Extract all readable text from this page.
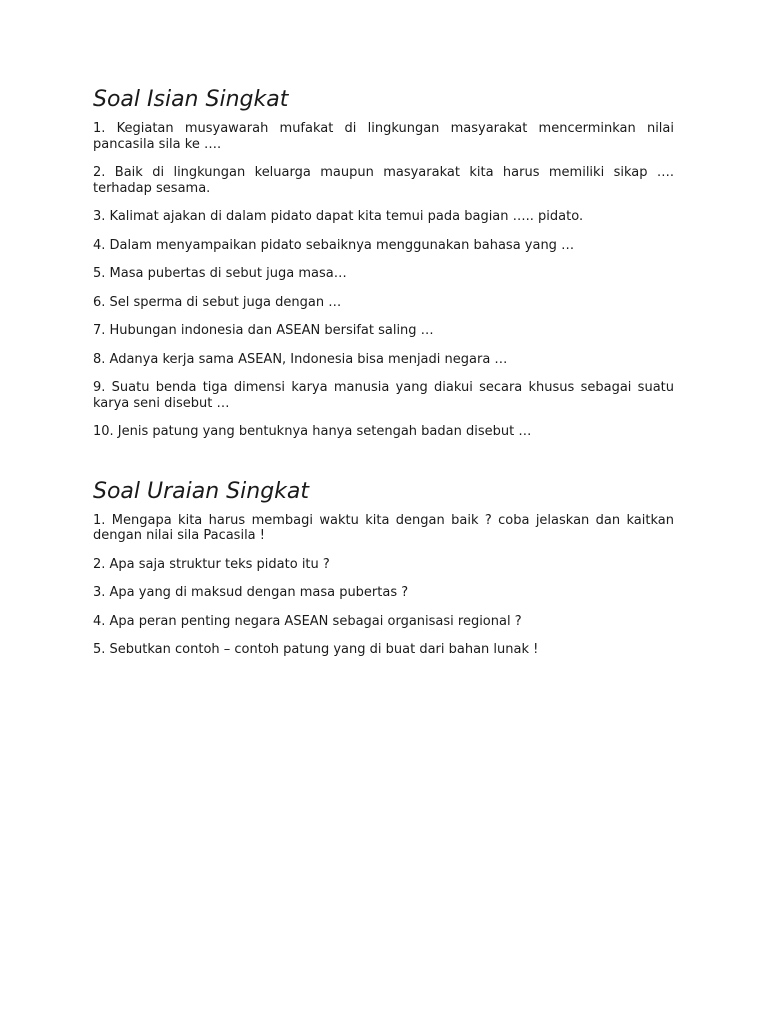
Soal Isian Singkat
1. Kegiatan musyawarah mufakat di lingkungan masyarakat mencerminkan nilai pancasila sila ke ….
2. Baik di lingkungan keluarga maupun masyarakat kita harus memiliki sikap …. terhadap sesama.
3. Kalimat ajakan di dalam pidato dapat kita temui pada bagian ….. pidato.
4. Dalam menyampaikan pidato sebaiknya menggunakan bahasa yang …
5. Masa pubertas di sebut juga masa…
6. Sel sperma di sebut juga dengan …
7. Hubungan indonesia dan ASEAN bersifat saling …
8. Adanya kerja sama ASEAN, Indonesia bisa menjadi negara …
9. Suatu benda tiga dimensi karya manusia yang diakui secara khusus sebagai suatu karya seni disebut …
10. Jenis patung yang bentuknya hanya setengah badan disebut …
Soal Uraian Singkat
1. Mengapa kita harus membagi waktu kita dengan baik ? coba jelaskan dan kaitkan dengan nilai sila Pacasila !
2. Apa saja struktur teks pidato itu ?
3. Apa yang di maksud dengan masa pubertas ?
4. Apa peran penting negara ASEAN sebagai organisasi regional ?
5. Sebutkan contoh – contoh patung yang di buat dari bahan lunak !
